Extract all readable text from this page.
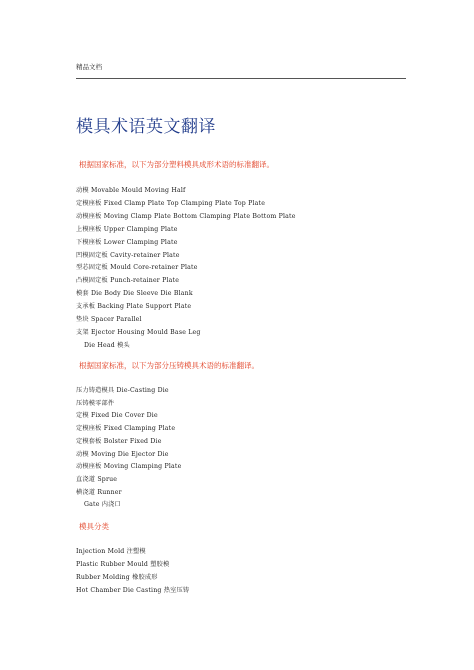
精品文档
模具术语英文翻译
根据国家标准，以下为部分塑料模具成形术语的标准翻译。
动模 Movable Mould Moving Half
定模座板 Fixed Clamp Plate Top Clamping Plate Top Plate
动模座板 Moving Clamp Plate Bottom Clamping Plate Bottom Plate
上模座板 Upper Clamping Plate
下模座板 Lower Clamping Plate
凹模固定板 Cavity-retainer Plate
型芯固定板 Mould Core-retainer Plate
凸模固定板 Punch-retainer Plate
模套 Die Body Die Sleeve Die Blank
支承板 Backing Plate Support Plate
垫块 Spacer Parallel
支架 Ejector Housing Mould Base Leg
Die Head 模头
根据国家标准，以下为部分压铸模具术语的标准翻译。
压力铸造模具 Die-Casting Die
压铸模零部件
定模 Fixed Die Cover Die
定模座板 Fixed Clamping Plate
定模套板 Bolster Fixed Die
动模 Moving Die Ejector Die
动模座板 Moving Clamping Plate
直浇道 Sprue
横浇道 Runner
Gate 内浇口
模具分类
Injection Mold 注塑模
Plastic Rubber Mould 塑胶模
Rubber Molding 橡胶成形
Hot Chamber Die Casting 热室压铸
